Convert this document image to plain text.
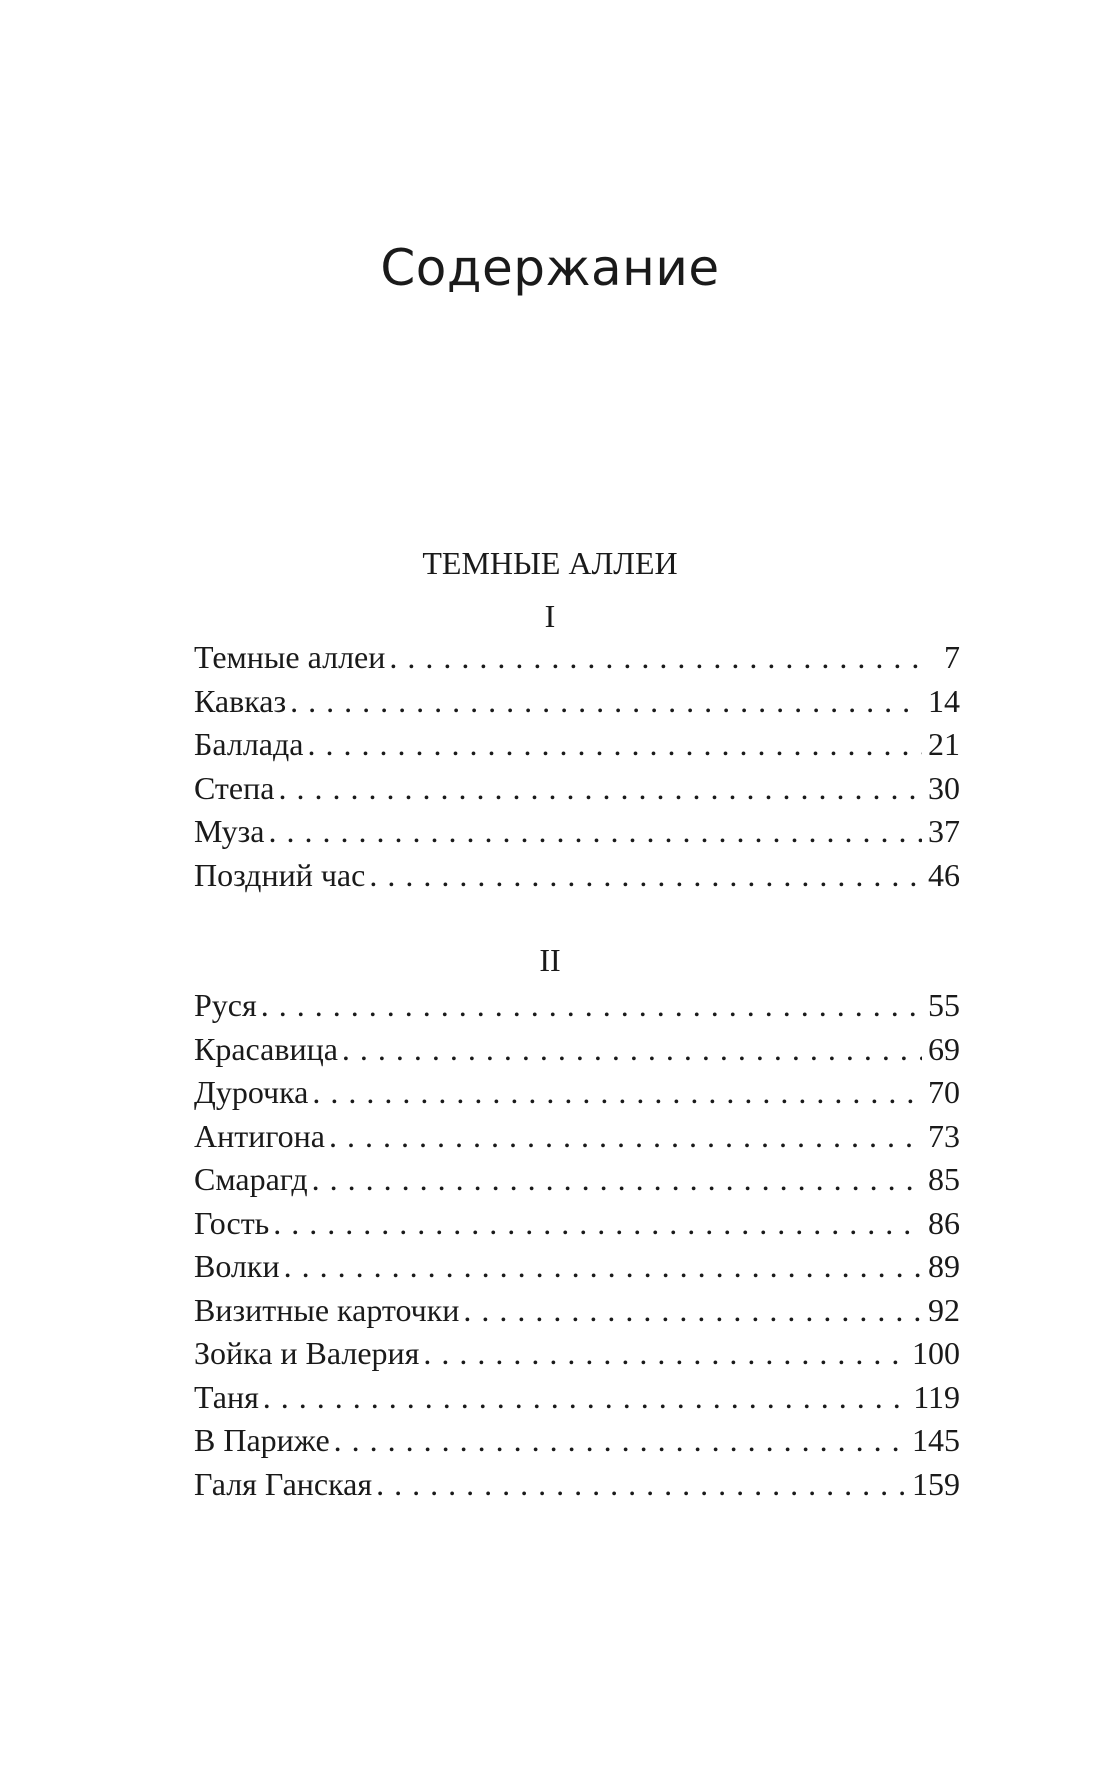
Содержание
ТЕМНЫЕ АЛЛЕИ
I
Темные аллеи . . .	7
Кавказ . . .	14
Баллада . . .	21
Степа . . .	30
Муза . . .	37
Поздний час . . .	46
II
Руся . . .	55
Красавица . . .	69
Дурочка . . .	70
Антигона . . .	73
Смарагд . . .	85
Гость . . .	86
Волки . . .	89
Визитные карточки . . .	92
Зойка и Валерия . . .	100
Таня . . .	119
В Париже . . .	145
Галя Ганская . . .	159
